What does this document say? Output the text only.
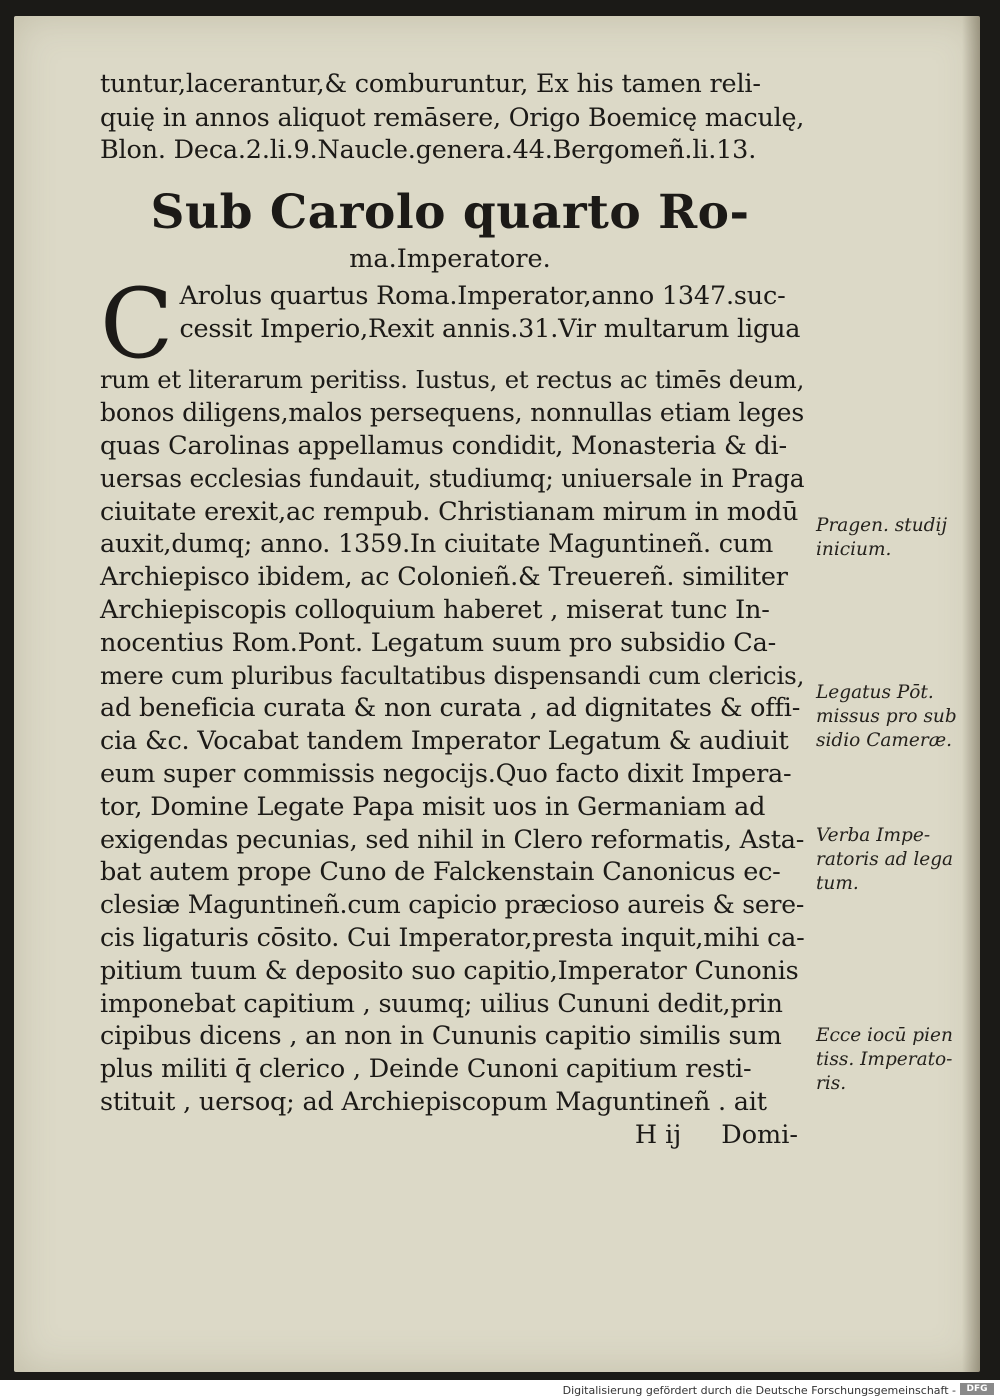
tuntur,lacerantur,& comburuntur, Ex his tamen reli-
quię in annos aliquot remāsere, Origo Boemicę maculę,
Blon. Deca.2.li.9.Naucle.genera.44.Bergomeñ.li.13.
Sub Carolo quarto Ro-
ma.Imperatore.
C Arolus quartus Roma.Imperator,anno 1347.suc-
cessit Imperio,Rexit annis.31.Vir multarum ligua
rum et literarum peritiss. Iustus, et rectus ac timēs deum,
bonos diligens,malos persequens, nonnullas etiam leges
quas Carolinas appellamus condidit, Monasteria & di-
uersas ecclesias fundauit, studiumq; uniuersale in Praga
ciuitate erexit,ac rempub. Christianam mirum in modū
auxit,dumq; anno. 1359.In ciuitate Maguntineñ. cum
Archiepisco ibidem, ac Colonieñ.& Treuereñ. similiter
Archiepiscopis colloquium haberet , miserat tunc In-
nocentius Rom.Pont. Legatum suum pro subsidio Ca-
mere cum pluribus facultatibus dispensandi cum clericis,
ad beneficia curata & non curata , ad dignitates & offi-
cia &c. Vocabat tandem Imperator Legatum & audiuit
eum super commissis negocijs.Quo facto dixit Impera-
tor, Domine Legate Papa misit uos in Germaniam ad
exigendas pecunias, sed nihil in Clero reformatis, Asta-
bat autem prope Cuno de Falckenstain Canonicus ec-
clesiæ Maguntineñ.cum capicio præcioso aureis & sere-
cis ligaturis cōsito. Cui Imperator,presta inquit,mihi ca-
pitium tuum & deposito suo capitio,Imperator Cunonis
imponebat capitium , suumq; uilius Cununi dedit,prin
cipibus dicens , an non in Cununis capitio similis sum
plus militi q̄ clerico , Deinde Cunoni capitium resti-
stituit , uersoq; ad Archiepiscopum Maguntineñ . ait
H ij Domi-
Pragen. studij
inicium.
Legatus Pōt.
missus pro sub
sidio Cameræ.
Verba Impe-
ratoris ad lega
tum.
Ecce iocū pien
tiss. Imperato-
ris.
Digitalisierung gefördert durch die Deutsche Forschungsgemeinschaft -	DFG
